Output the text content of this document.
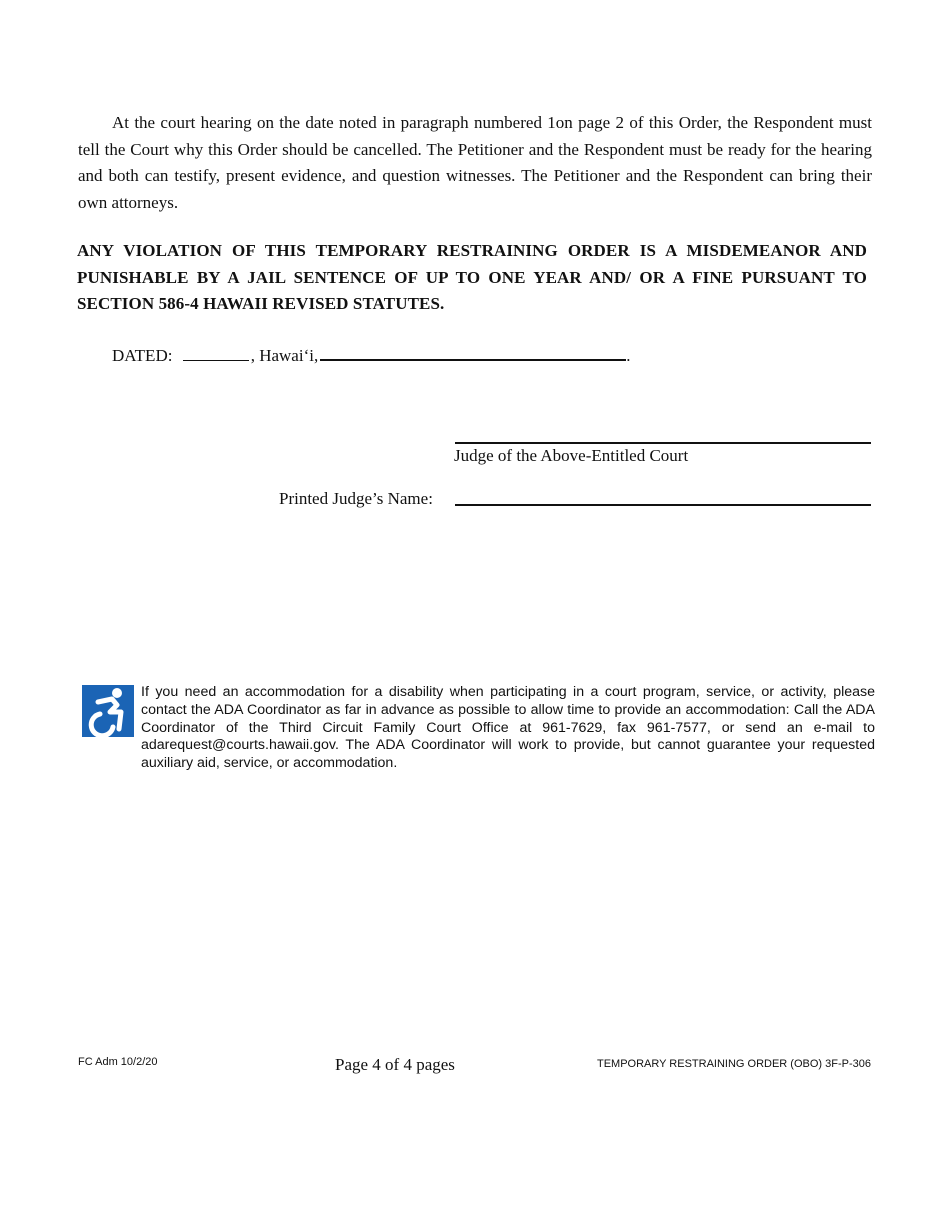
At the court hearing on the date noted in paragraph numbered 1on page 2 of this Order, the Respondent must tell the Court why this Order should be cancelled. The Petitioner and the Respondent must be ready for the hearing and both can testify, present evidence, and question witnesses. The Petitioner and the Respondent can bring their own attorneys.

ANY VIOLATION OF THIS TEMPORARY RESTRAINING ORDER IS A MISDEMEANOR AND PUNISHABLE BY A JAIL SENTENCE OF UP TO ONE YEAR AND/ OR A FINE PURSUANT TO SECTION 586-4 HAWAII REVISED STATUTES.

DATED:	, Hawai‘i,	.
Judge of the Above-Entitled Court
Printed Judge’s Name:

If you need an accommodation for a disability when participating in a court program, service, or activity, please contact the ADA Coordinator as far in advance as possible to allow time to provide an accommodation: Call the ADA Coordinator of the Third Circuit Family Court Office at 961-7629, fax 961-7577, or send an e-mail to adarequest@courts.hawaii.gov. The ADA Coordinator will work to provide, but cannot guarantee your requested auxiliary aid, service, or accommodation.

FC Adm 10/2/20	Page 4 of 4 pages	TEMPORARY RESTRAINING ORDER (OBO) 3F-P-306
